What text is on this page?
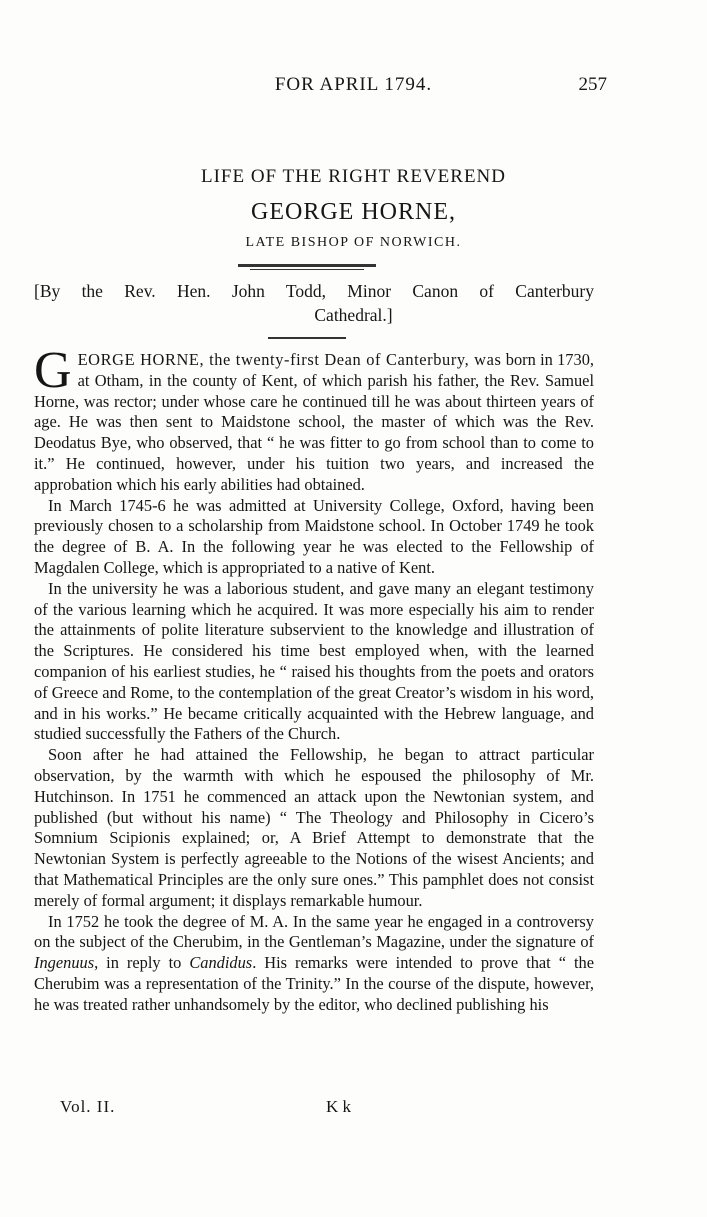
FOR APRIL 1794.	257
LIFE OF THE RIGHT REVEREND
GEORGE HORNE,
LATE BISHOP OF NORWICH.
[By the Rev. Hen. John Todd, Minor Canon of Canterbury
Cathedral.]

GEORGE HORNE, the twenty-first Dean of Canterbury, was born in 1730, at Otham, in the county of Kent, of which parish his father, the Rev. Samuel Horne, was rector; under whose care he continued till he was about thirteen years of age. He was then sent to Maidstone school, the master of which was the Rev. Deodatus Bye, who observed, that “ he was fitter to go from school than to come to it.” He continued, however, under his tuition two years, and increased the approbation which his early abilities had obtained.

In March 1745-6 he was admitted at University College, Oxford, having been previously chosen to a scholarship from Maidstone school. In October 1749 he took the degree of B. A. In the following year he was elected to the Fellowship of Magdalen College, which is appropriated to a native of Kent.

In the university he was a laborious student, and gave many an elegant testimony of the various learning which he acquired. It was more especially his aim to render the attainments of polite literature subservient to the knowledge and illustration of the Scriptures. He considered his time best employed when, with the learned companion of his earliest studies, he “ raised his thoughts from the poets and orators of Greece and Rome, to the contemplation of the great Creator’s wisdom in his word, and in his works.” He became critically acquainted with the Hebrew language, and studied successfully the Fathers of the Church.

Soon after he had attained the Fellowship, he began to attract particular observation, by the warmth with which he espoused the philosophy of Mr. Hutchinson. In 1751 he commenced an attack upon the Newtonian system, and published (but without his name) “ The Theology and Philosophy in Cicero’s Somnium Scipionis explained; or, A Brief Attempt to demonstrate that the Newtonian System is perfectly agreeable to the Notions of the wisest Ancients; and that Mathematical Principles are the only sure ones.” This pamphlet does not consist merely of formal argument; it displays remarkable humour.

In 1752 he took the degree of M. A. In the same year he engaged in a controversy on the subject of the Cherubim, in the Gentleman’s Magazine, under the signature of Ingenuus, in reply to Candidus. His remarks were intended to prove that “ the Cherubim was a representation of the Trinity.” In the course of the dispute, however, he was treated rather unhandsomely by the editor, who declined publishing his

Vol. II.	K k
